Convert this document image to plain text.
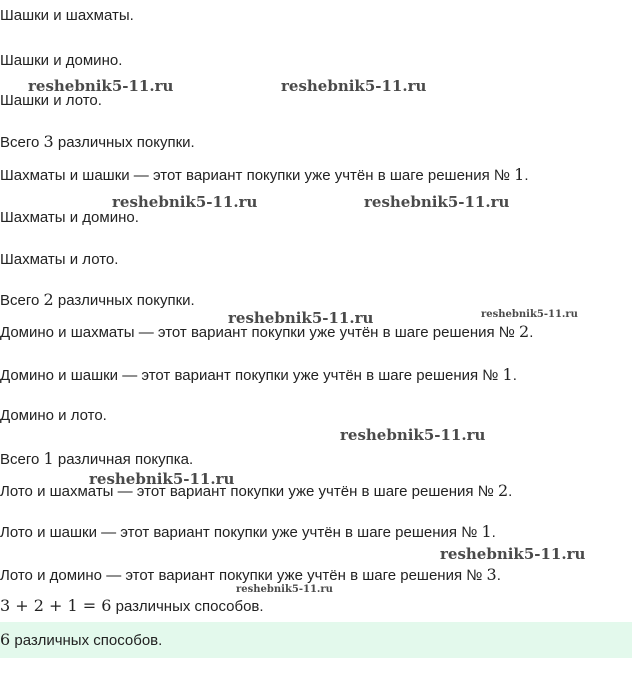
Шашки и шахматы.
Шашки и домино.
Шашки и лото.
Всего 3 различных покупки.
Шахматы и шашки — этот вариант покупки уже учтён в шаге решения № 1.
Шахматы и домино.
Шахматы и лото.
Всего 2 различных покупки.
Домино и шахматы — этот вариант покупки уже учтён в шаге решения № 2.
Домино и шашки — этот вариант покупки уже учтён в шаге решения № 1.
Домино и лото.
Всего 1 различная покупка.
Лото и шахматы — этот вариант покупки уже учтён в шаге решения № 2.
Лото и шашки — этот вариант покупки уже учтён в шаге решения № 1.
Лото и домино — этот вариант покупки уже учтён в шаге решения № 3.
3 + 2 + 1 = 6 различных способов.
6 различных способов.
reshebnik5-11.ru	reshebnik5-11.ru
reshebnik5-11.ru	reshebnik5-11.ru
reshebnik5-11.ru	reshebnik5-11.ru
reshebnik5-11.ru
reshebnik5-11.ru
reshebnik5-11.ru
reshebnik5-11.ru
